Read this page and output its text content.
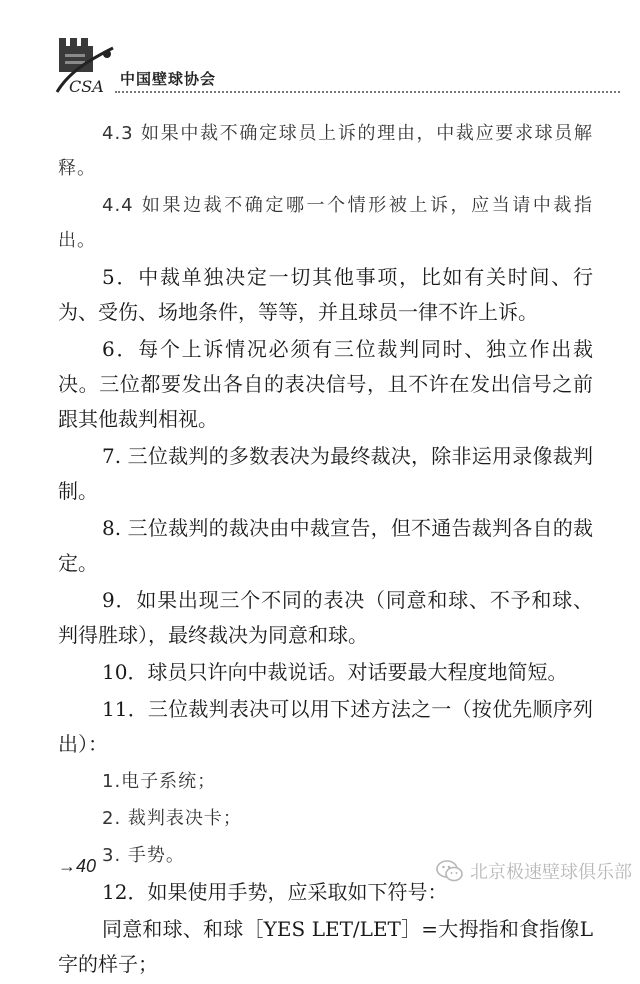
CSA 中国壁球协会

4.3 如果中裁不确定球员上诉的理由，中裁应要求球员解释。

4.4 如果边裁不确定哪一个情形被上诉，应当请中裁指出。

5．中裁单独决定一切其他事项，比如有关时间、行为、受伤、场地条件，等等，并且球员一律不许上诉。

6．每个上诉情况必须有三位裁判同时、独立作出裁决。三位都要发出各自的表决信号，且不许在发出信号之前跟其他裁判相视。

7. 三位裁判的多数表决为最终裁决，除非运用录像裁判制。

8. 三位裁判的裁决由中裁宣告，但不通告裁判各自的裁定。

9．如果出现三个不同的表决（同意和球、不予和球、判得胜球），最终裁决为同意和球。

10．球员只许向中裁说话。对话要最大程度地简短。

11．三位裁判表决可以用下述方法之一（按优先顺序列出）：

1.电子系统；

2. 裁判表决卡；

3. 手势。

12．如果使用手势，应采取如下符号：

同意和球、和球［YES LET/LET］=大拇指和食指像L字的样子；

→40	北京极速壁球俱乐部
